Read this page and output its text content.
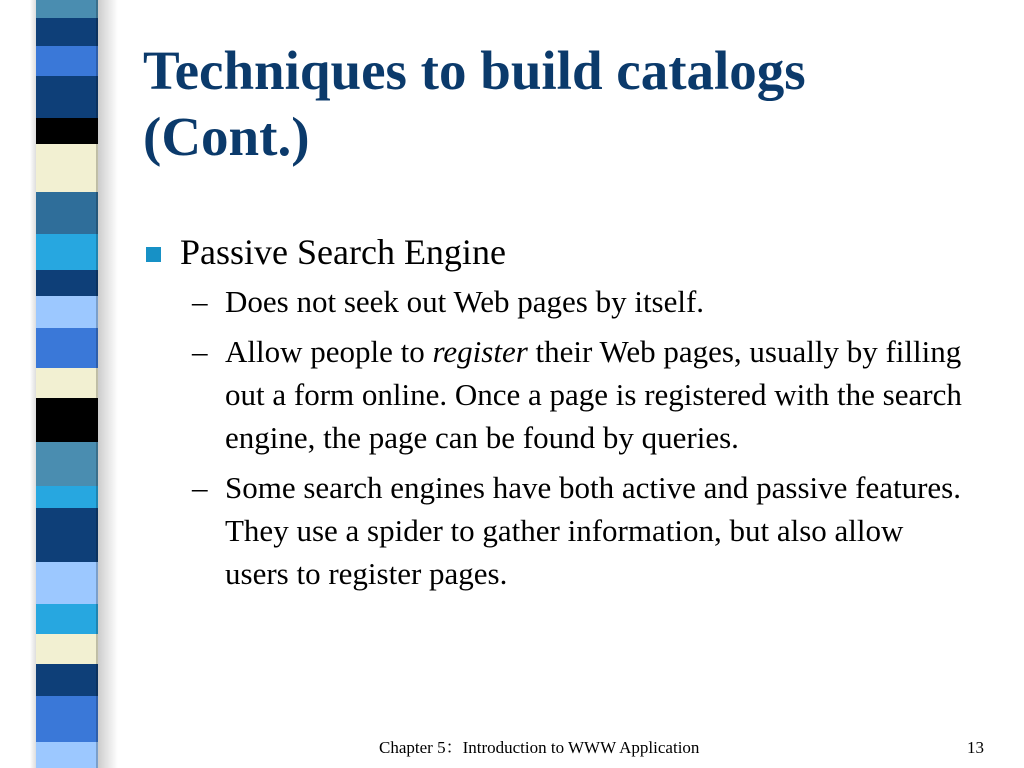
Techniques to build catalogs
(Cont.)
Passive Search Engine
– Does not seek out Web pages by itself.
– Allow people to register their Web pages, usually by filling out a form online. Once a page is registered with the search engine, the page can be found by queries.
– Some search engines have both active and passive features. They use a spider to gather information, but also allow users to register pages.
Chapter 5：Introduction to WWW Application	13
